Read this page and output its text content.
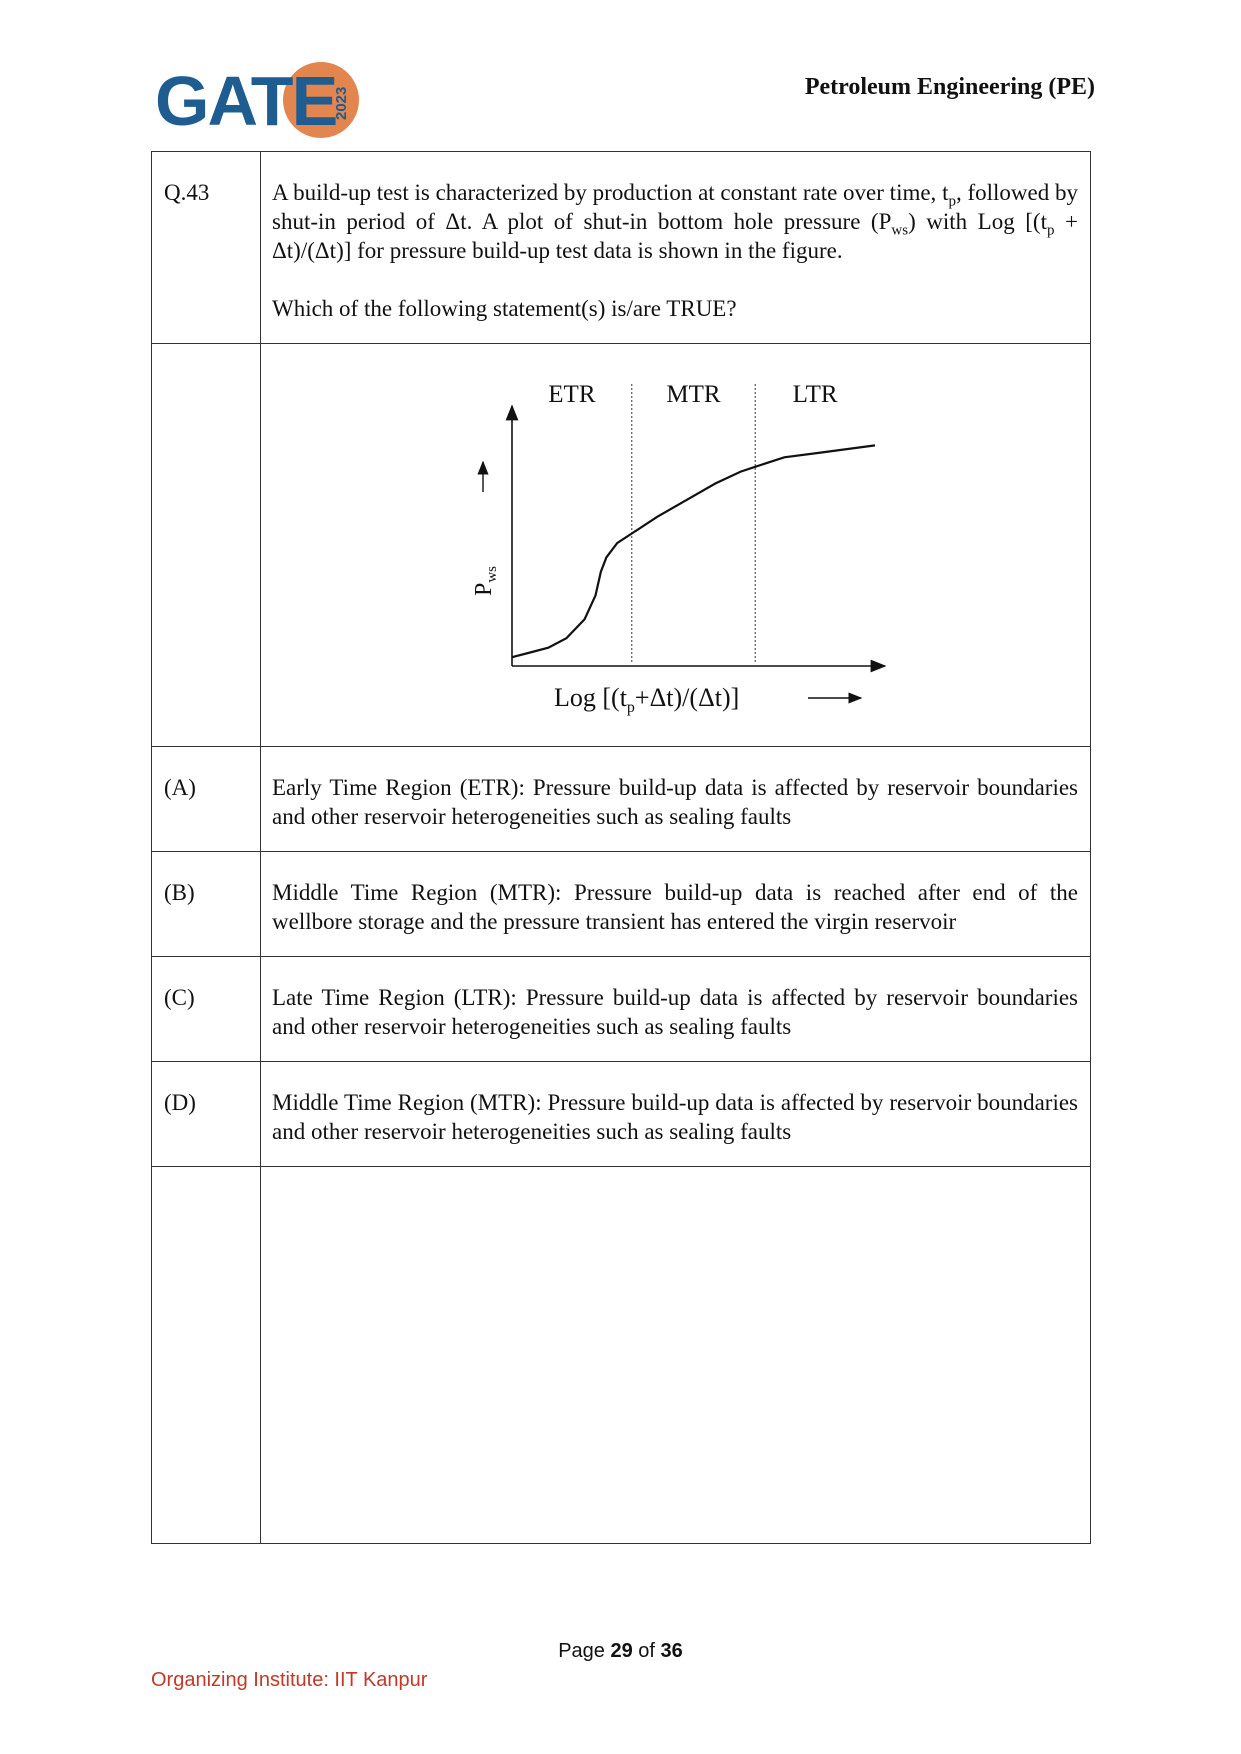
GATE
2023	Petroleum Engineering (PE)
Q.43	A build-up test is characterized by production at constant rate over time, $t_p$, followed by shut-in period of Δt. A plot of shut-in bottom hole pressure $(P_{ws})$ with Log $[(t_p + \Delta t)/(\Delta t)]$ for pressure build-up test data is shown in the figure.

Which of the following statement(s) is/are TRUE?

ETR MTR LTR
$P_{ws}$
Log $[(t_p+\Delta t)/(\Delta t)]$

(A)	Early Time Region (ETR): Pressure build-up data is affected by reservoir boundaries and other reservoir heterogeneities such as sealing faults
(B)	Middle Time Region (MTR): Pressure build-up data is reached after end of the wellbore storage and the pressure transient has entered the virgin reservoir
(C)	Late Time Region (LTR): Pressure build-up data is affected by reservoir boundaries and other reservoir heterogeneities such as sealing faults
(D)	Middle Time Region (MTR): Pressure build-up data is affected by reservoir boundaries and other reservoir heterogeneities such as sealing faults

Page 29 of 36
Organizing Institute: IIT Kanpur
